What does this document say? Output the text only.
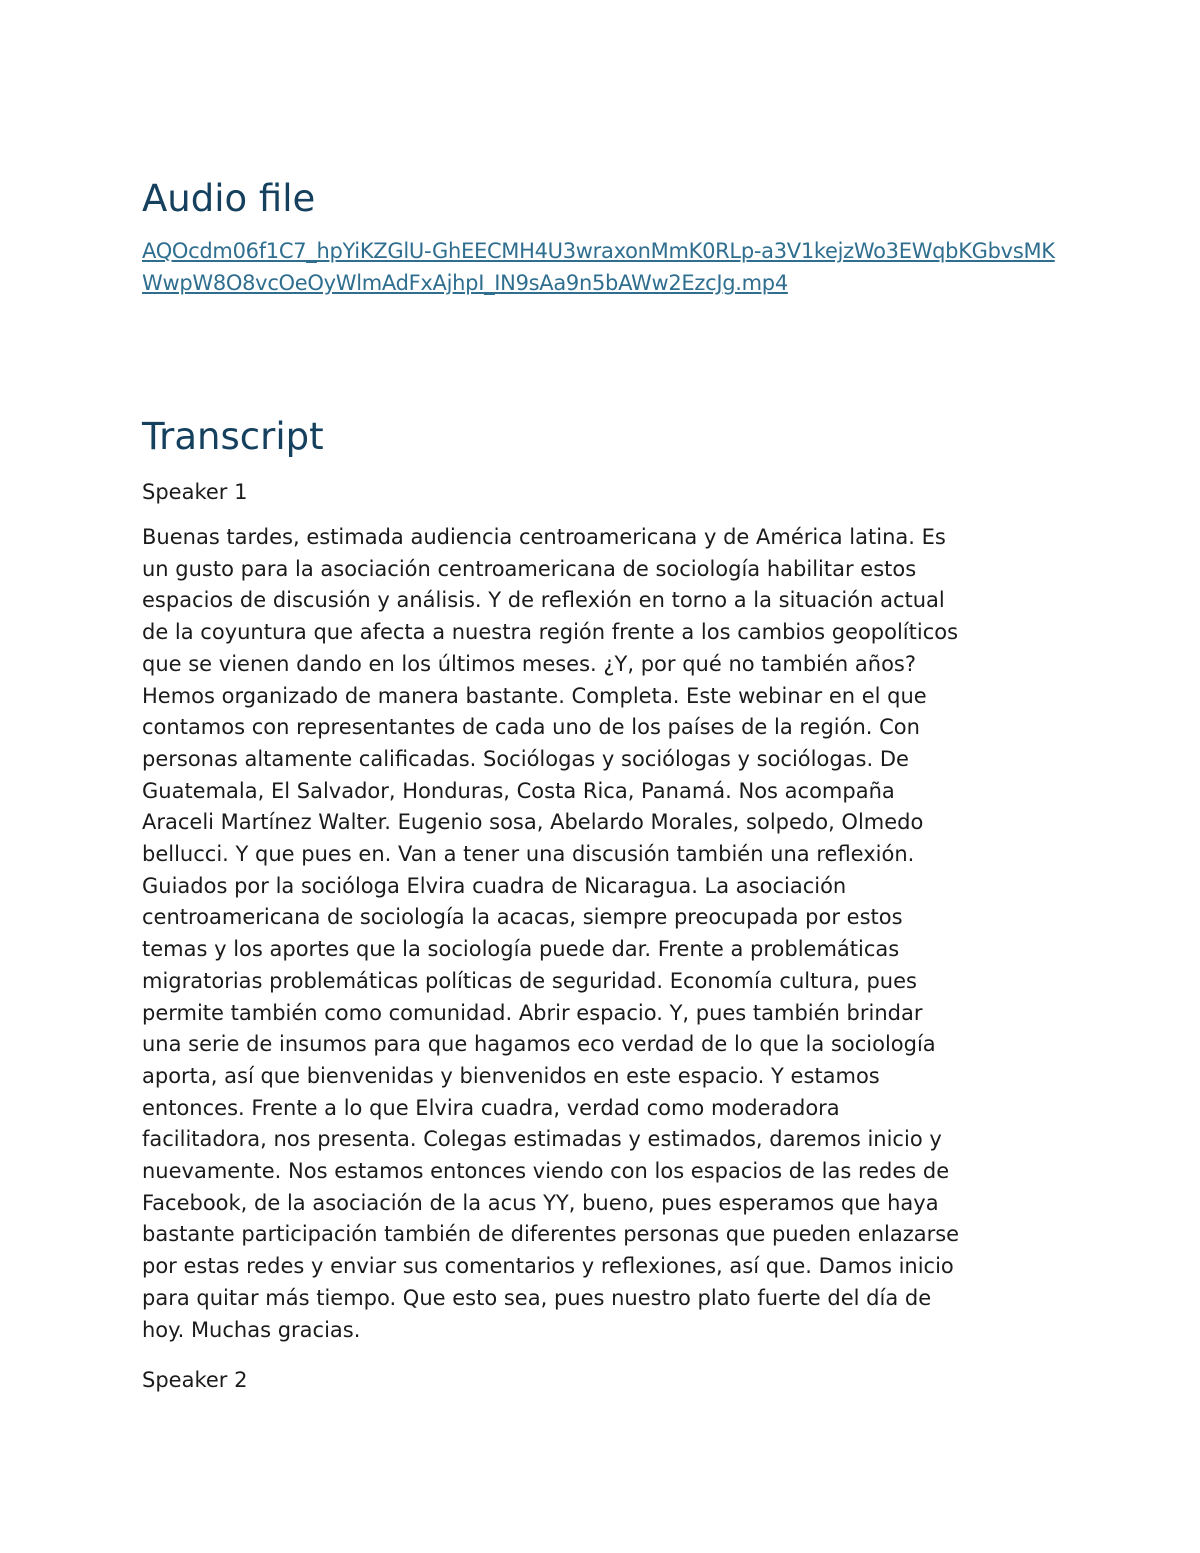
Audio file
AQOcdm06f1C7_hpYiKZGlU-GhEECMH4U3wraxonMmK0RLp-a3V1kejzWo3EWqbKGbvsMKWwpW8O8vcOeOyWlmAdFxAjhpI_IN9sAa9n5bAWw2EzcJg.mp4
Transcript
Speaker 1

Buenas tardes, estimada audiencia centroamericana y de América latina. Es
un gusto para la asociación centroamericana de sociología habilitar estos
espacios de discusión y análisis. Y de reflexión en torno a la situación actual
de la coyuntura que afecta a nuestra región frente a los cambios geopolíticos
que se vienen dando en los últimos meses. ¿Y, por qué no también años?
Hemos organizado de manera bastante. Completa. Este webinar en el que
contamos con representantes de cada uno de los países de la región. Con
personas altamente calificadas. Sociólogas y sociólogas y sociólogas. De
Guatemala, El Salvador, Honduras, Costa Rica, Panamá. Nos acompaña
Araceli Martínez Walter. Eugenio sosa, Abelardo Morales, solpedo, Olmedo
bellucci. Y que pues en. Van a tener una discusión también una reflexión.
Guiados por la socióloga Elvira cuadra de Nicaragua. La asociación
centroamericana de sociología la acacas, siempre preocupada por estos
temas y los aportes que la sociología puede dar. Frente a problemáticas
migratorias problemáticas políticas de seguridad. Economía cultura, pues
permite también como comunidad. Abrir espacio. Y, pues también brindar
una serie de insumos para que hagamos eco verdad de lo que la sociología
aporta, así que bienvenidas y bienvenidos en este espacio. Y estamos
entonces. Frente a lo que Elvira cuadra, verdad como moderadora
facilitadora, nos presenta. Colegas estimadas y estimados, daremos inicio y
nuevamente. Nos estamos entonces viendo con los espacios de las redes de
Facebook, de la asociación de la acus YY, bueno, pues esperamos que haya
bastante participación también de diferentes personas que pueden enlazarse
por estas redes y enviar sus comentarios y reflexiones, así que. Damos inicio
para quitar más tiempo. Que esto sea, pues nuestro plato fuerte del día de
hoy. Muchas gracias.

Speaker 2
